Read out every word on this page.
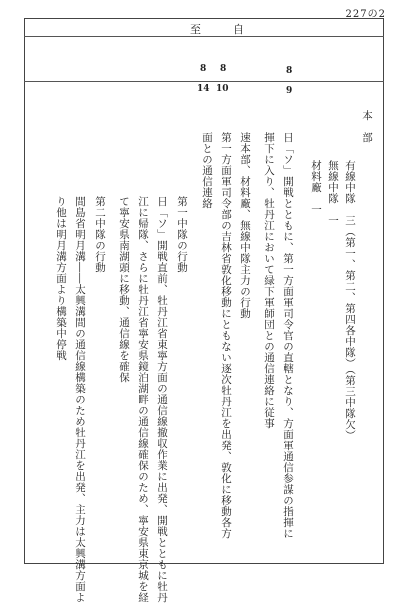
227の2
至	自
8 8	8
14 10	9
本　部
有線中隊　三（第一、第二、第四各中隊）（第三中隊欠）
無線中隊　一
材料廠　一
日「ソ」開戦とともに、第一方面軍司令官の直轄となり、方面軍通信参謀の指揮に
揮下に入り、牡丹江において緑下軍師団との通信連絡に従事
速本部、材料廠、無線中隊主力の行動
第一方面軍司令部の吉林省敦化移動にともない逐次牡丹江を出発、敦化に移動各方
面との通信連絡
第一中隊の行動
日「ソ」開戦直前、牡丹江省東寧方面の通信線撤収作業に出発、開戦とともに牡丹
江に帰隊、さらに牡丹江省寧安県鏡泊湖畔の通信線確保のため、寧安県東京城を経
て寧安県南湖頭に移動、通信線を確保
第二中隊の行動
間島省明月溝――太興溝間の通信線構築のため牡丹江を出発、主力は太興溝方面よ
り他は明月溝方面より構築中停戦
